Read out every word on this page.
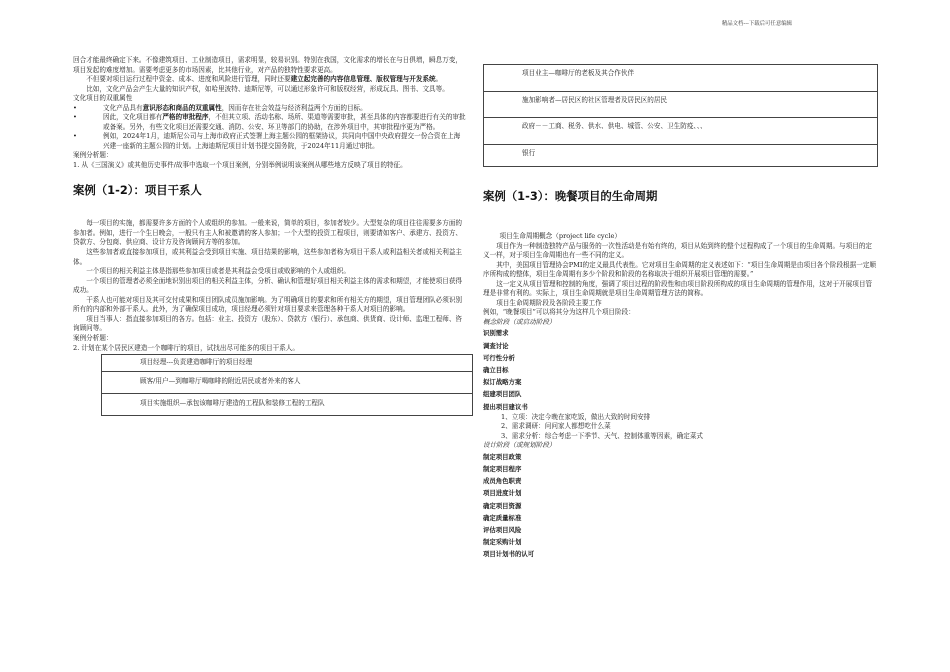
精品文档---下载后可任意编辑

回合才能最终确定下来。不像建筑项目、工业制造项目，需求明显，较易识别。特别在我国，文化需求的增长在与日俱增，瞬息万变，项目发起的难度增加。需要考虑更多的市场因素，比其他行业，对产品的独特性要求更高。

不但要对项目运行过程中资金、成本、进度和风险进行管理，同时还要建立起完善的内容信息管理、版权管理与开发系统。

比如，文化产品会产生大量的知识产权，如哈里波特、迪斯尼等，可以通过形象许可和版权经营，形成玩具、图书、文具等。

文化项目的双重属性

• 文化产品具有意识形态和商品的双重属性，因而存在社会效益与经济利益两个方面的目标。

• 因此，文化项目都有严格的审批程序，不但其立项、活动名称、场所、渠道等需要审批，甚至具体的内容都要进行有关的审批或备案。另外，有些文化项目还需要交通、消防、公安、环卫等部门的协助，在涉外项目中，其审批程序更为严格。

• 例如，2024年1月，迪斯尼公司与上海市政府正式签署上海主题公园的框架协议，共同向中国中央政府提交一份合资在上海兴建一座新的主题公园的计划。上海迪斯尼项目计划书提交国务院，于2024年11月通过审批。

案例分析题：

1. 从《三国演义》或其他历史事件/故事中选取一个项目案例，分别举例说明该案例从哪些地方反映了项目的特征。

案例（1-2）：项目干系人

每一项目的实施，都需要许多方面的个人或组织的参加。一般来说，简单的项目，参加者较少。大型复杂的项目往往需要多方面的参加者。例如，进行一个生日晚会，一般只有主人和被邀请的客人参加；一个大型的投资工程项目，则要请如客户、承建方、投资方、贷款方、分包商、供应商、设计方及咨询顾问方等的参加。

这些参加者或直接参加项目，或其利益会受到项目实施、项目结果的影响，这些参加者称为项目干系人或利益相关者或相关利益主体。

一个项目的相关利益主体是指那些参加项目或者是其利益会受项目或败影响的个人或组织。

一个项目的管理者必须全面地识别出项目的相关利益主体，分析、确认和管理好项目相关利益主体的需求和期望，才能使项目获得成功。

干系人也可能对项目及其可交付成果和项目团队成员施加影响。为了明确项目的要求和所有相关方的期望，项目管理团队必须识别所有的内部和外部干系人。此外，为了确保项目成功，项目经理必须针对项目要求来管理各种干系人对项目的影响。

项目当事人：指直接参加项目的各方。包括：业主、投资方（股东）、贷款方（银行）、承包商、供货商、设计师、监理工程师、咨询顾问等。

案例分析题：

2. 计划在某个居民区建造一个咖啡厅的项目，试找出尽可能多的项目干系人。

项目经理---负责建造咖啡厅的项目经理
顾客/用户—到咖啡厅喝咖啡的附近居民或者外来的客人
项目实施组织—承包该咖啡厅建造的工程队和装修工程的工程队
项目业主—咖啡厅的老板及其合作伙伴
施加影响者—居民区的社区管理者及居民区的居民
政府－－工商、税务、供水、供电、城管、公安、卫生防疫、、、
银行
案例（1-3）：晚餐项目的生命周期

项目生命周期概念（project life cycle）

项目作为一种制造独特产品与服务的一次性活动是有始有终的，项目从始到终的整个过程构成了一个项目的生命周期。与项目的定义一样，对于项目生命周期也有一些不同的定义。

其中，美国项目管理协会PMI的定义最具代表性。它对项目生命周期的定义表述如下：“项目生命周期是由项目各个阶段根据一定顺序所构成的整体，项目生命周期有多少个阶段和阶段的名称取决于组织开展项目管理的需要。”

这一定义从项目管理和控制的角度，强调了项目过程的阶段性和由项目阶段所构成的项目生命周期的管理作用，这对于开展项目管理是非常有利的。实际上，项目生命周期就是项目生命周期管理方法的简称。

项目生命周期阶段及各阶段主要工作

例如，“晚餐项目”可以将其分为这样几个项目阶段：

概念阶段（或启动阶段）

识别需求
调查讨论
可行性分析
确立目标
拟订战略方案
组建项目团队
提出项目建议书

1、立项：决定今晚在家吃饭，做出大致的时间安排

2、需求调研：问问家人都想吃什么菜

3、需求分析：综合考虑一下季节、天气、控制体重等因素，确定菜式

设计阶段（或规划阶段）

制定项目政策
制定项目程序
成员角色职责
项目进度计划
确定项目资源
确定质量标准
评估项目风险
制定采购计划
项目计划书的认可
